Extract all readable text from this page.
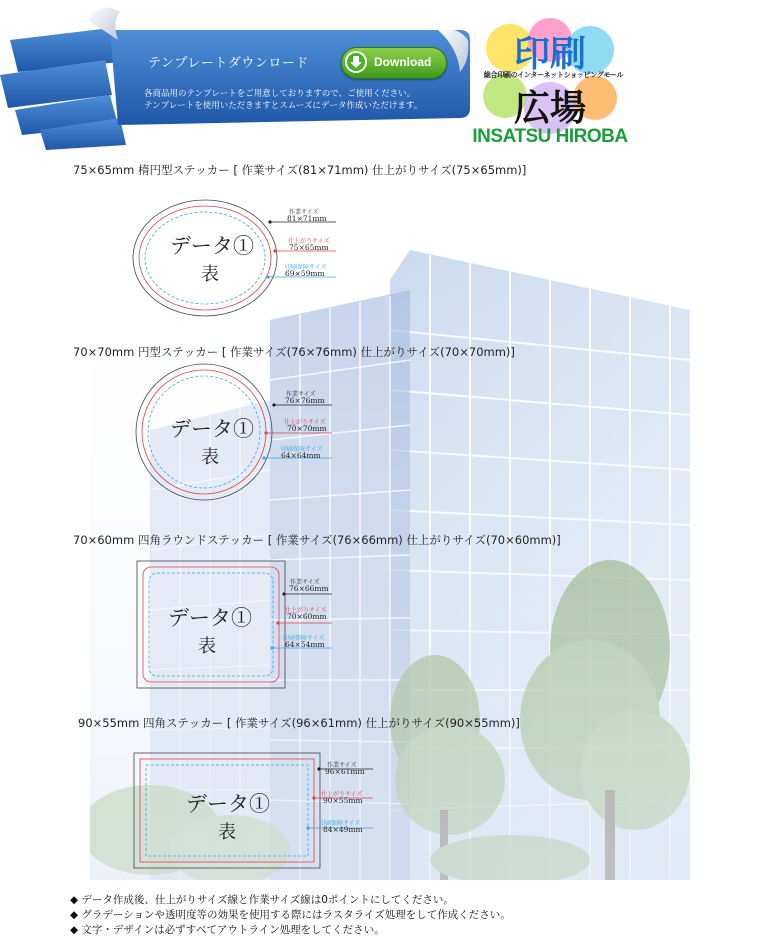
テンプレートダウンロード
各商品用のテンプレートをご用意しておりますので、ご使用ください。
テンプレートを使用いただきますとスムーズにデータ作成いただけます。
Download 印刷
広場
総合印刷のインターネットショッピングモール
INSATSU HIROBA
75×65mm 楕円型ステッカー [ 作業サイズ(81×71mm) 仕上がりサイズ(75×65mm)]
データ①
表
作業サイズ
81×71mm
仕上がりサイズ
75×65mm
印刷保障サイズ
69×59mm
70×70mm 円型ステッカー [ 作業サイズ(76×76mm) 仕上がりサイズ(70×70mm)]
データ①
表
作業サイズ
76×76mm
仕上がりサイズ
70×70mm
印刷保障サイズ
64×64mm
70×60mm 四角ラウンドステッカー [ 作業サイズ(76×66mm) 仕上がりサイズ(70×60mm)]
データ①
表
作業サイズ
76×66mm
仕上がりサイズ
70×60mm
印刷保障サイズ
64×54mm
90×55mm 四角ステッカー [ 作業サイズ(96×61mm) 仕上がりサイズ(90×55mm)]
データ①
表
作業サイズ
96×61mm
仕上がりサイズ
90×55mm
印刷保障サイズ
84×49mm
◆ データ作成後、仕上がりサイズ線と作業サイズ線は0ポイントにしてください。
◆ グラデーションや透明度等の効果を使用する際にはラスタライズ処理をして作成ください。
◆ 文字・デザインは必ずすべてアウトライン処理をしてください。
